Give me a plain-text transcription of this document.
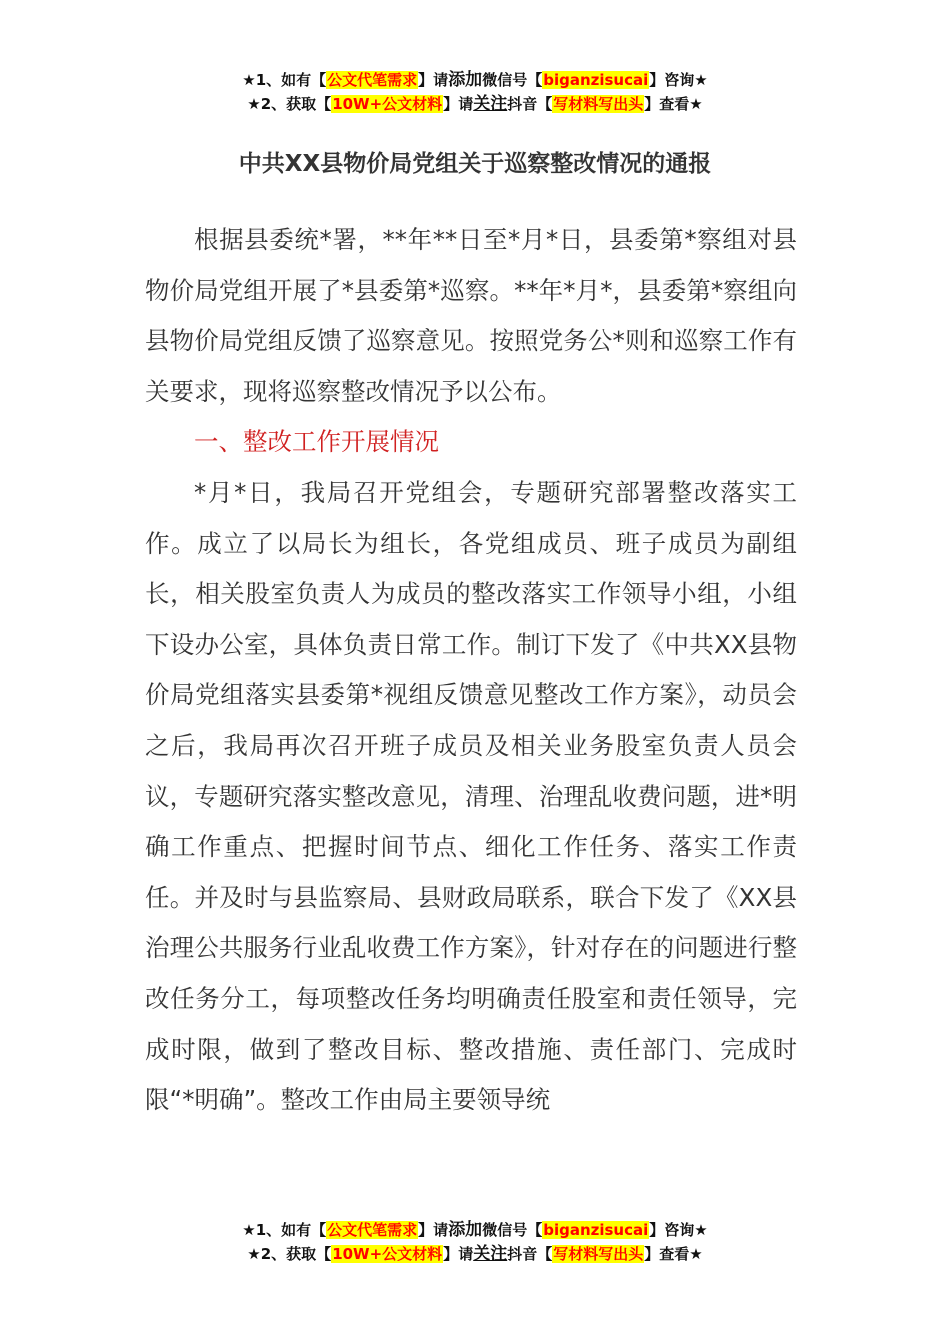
★1、如有【公文代笔需求】请添加微信号【biganzisucai】咨询★
★2、获取【10W+公文材料】请关注抖音【写材料写出头】查看★
中共XX县物价局党组关于巡察整改情况的通报

根据县委统*署，**年**日至*月*日，县委第*察组对县物价局党组开展了*县委第*巡察。**年*月*，县委第*察组向县物价局党组反馈了巡察意见。按照党务公*则和巡察工作有关要求，现将巡察整改情况予以公布。

一、整改工作开展情况

*月*日，我局召开党组会，专题研究部署整改落实工作。成立了以局长为组长，各党组成员、班子成员为副组长，相关股室负责人为成员的整改落实工作领导小组，小组下设办公室，具体负责日常工作。制订下发了《中共XX县物价局党组落实县委第*视组反馈意见整改工作方案》，动员会之后，我局再次召开班子成员及相关业务股室负责人员会议，专题研究落实整改意见，清理、治理乱收费问题，进*明确工作重点、把握时间节点、细化工作任务、落实工作责任。并及时与县监察局、县财政局联系，联合下发了《XX县治理公共服务行业乱收费工作方案》，针对存在的问题进行整改任务分工，每项整改任务均明确责任股室和责任领导，完成时限，做到了整改目标、整改措施、责任部门、完成时限“*明确”。整改工作由局主要领导统

★1、如有【公文代笔需求】请添加微信号【biganzisucai】咨询★
★2、获取【10W+公文材料】请关注抖音【写材料写出头】查看★
